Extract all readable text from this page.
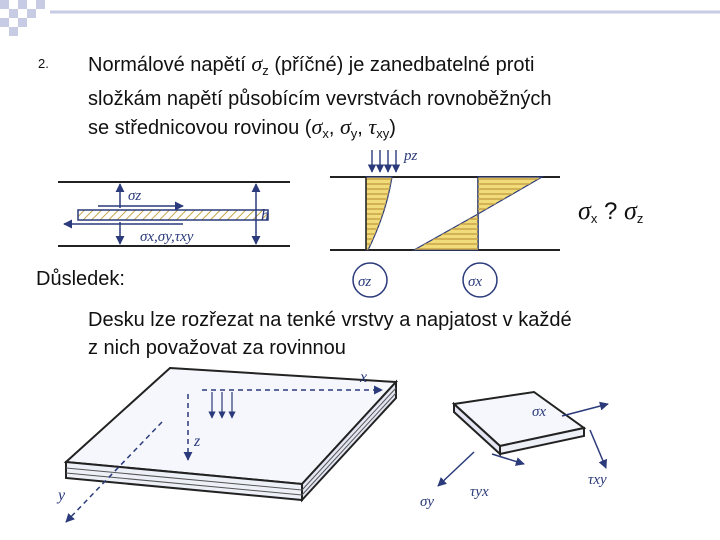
2. Normálové napětí $\sigma_z$ (příčné) je zanedbatelné proti
složkám napětí působícím vevrstvách rovnoběžných
se střednicovou rovinou ($\sigma_x$, $\sigma_y$, $\tau_{xy}$)
σz
h
σx,σy,τxy
pz
σz	σx
$\sigma_x$ ? $\sigma_z$
Důsledek:
Desku lze rozřezat na tenké vrstvy a napjatost v každé
z nich považovat za rovinnou
x
z
y
σx
τxy
σy
τyx
